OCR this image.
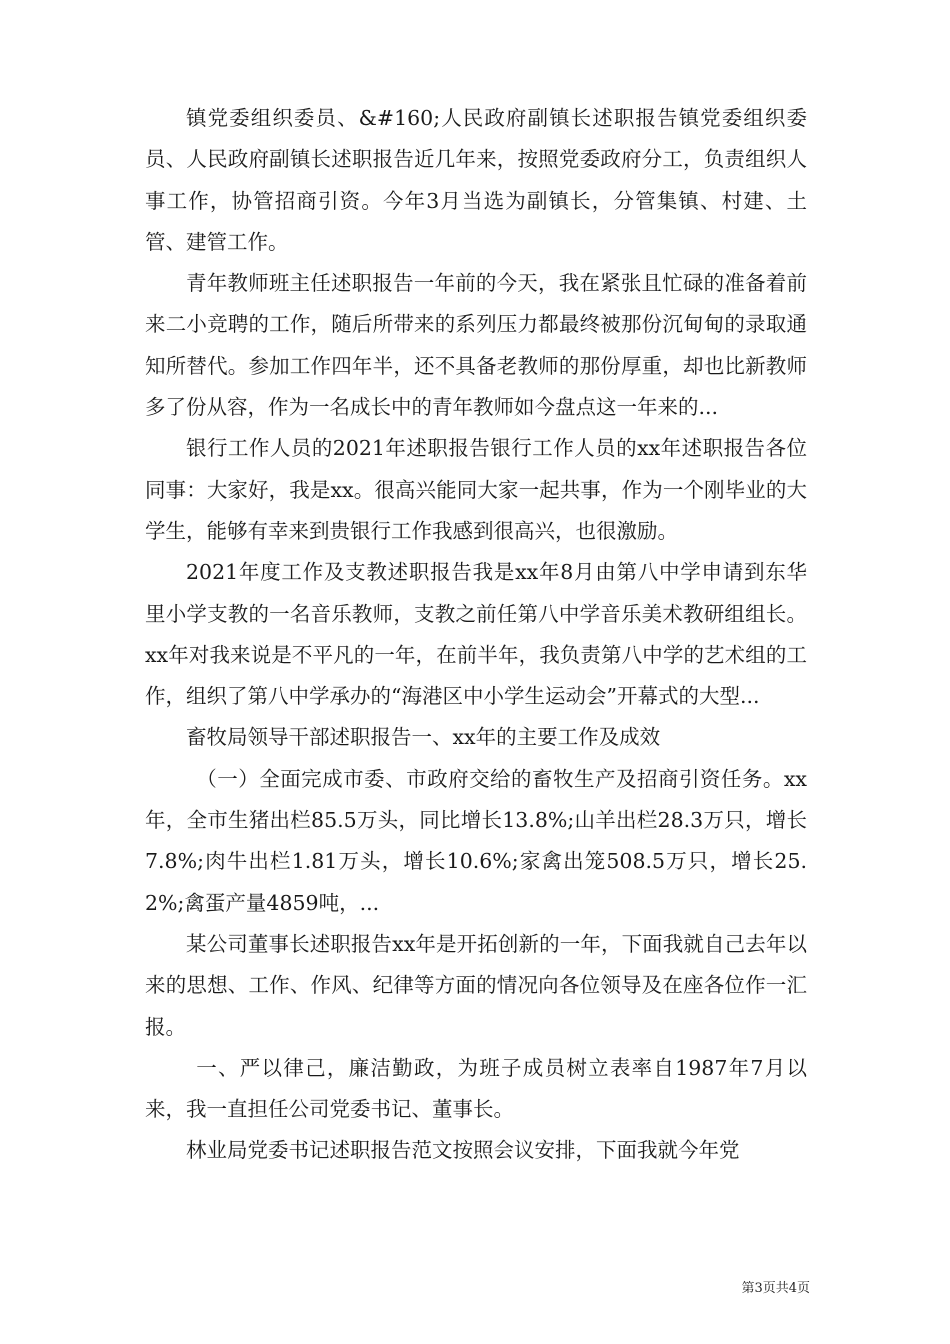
镇党委组织委员、&#160;人民政府副镇长述职报告镇党委组织委员、人民政府副镇长述职报告近几年来，按照党委政府分工，负责组织人事工作，协管招商引资。今年3月当选为副镇长，分管集镇、村建、土管、建管工作。

青年教师班主任述职报告一年前的今天，我在紧张且忙碌的准备着前来二小竞聘的工作，随后所带来的系列压力都最终被那份沉甸甸的录取通知所替代。参加工作四年半，还不具备老教师的那份厚重，却也比新教师多了份从容，作为一名成长中的青年教师如今盘点这一年来的...

银行工作人员的2021年述职报告银行工作人员的xx年述职报告各位同事：大家好，我是xx。很高兴能同大家一起共事，作为一个刚毕业的大学生，能够有幸来到贵银行工作我感到很高兴，也很激励。

2021年度工作及支教述职报告我是xx年8月由第八中学申请到东华里小学支教的一名音乐教师，支教之前任第八中学音乐美术教研组组长。xx年对我来说是不平凡的一年，在前半年，我负责第八中学的艺术组的工作，组织了第八中学承办的“海港区中小学生运动会”开幕式的大型...

畜牧局领导干部述职报告一、xx年的主要工作及成效

（一）全面完成市委、市政府交给的畜牧生产及招商引资任务。xx年，全市生猪出栏85.5万头，同比增长13.8%;山羊出栏28.3万只，增长7.8%;肉牛出栏1.81万头，增长10.6%;家禽出笼508.5万只，增长25.2%;禽蛋产量4859吨，...

某公司董事长述职报告xx年是开拓创新的一年，下面我就自己去年以来的思想、工作、作风、纪律等方面的情况向各位领导及在座各位作一汇报。

一、严以律己，廉洁勤政，为班子成员树立表率自1987年7月以来，我一直担任公司党委书记、董事长。

林业局党委书记述职报告范文按照会议安排，下面我就今年党

第3页共4页
